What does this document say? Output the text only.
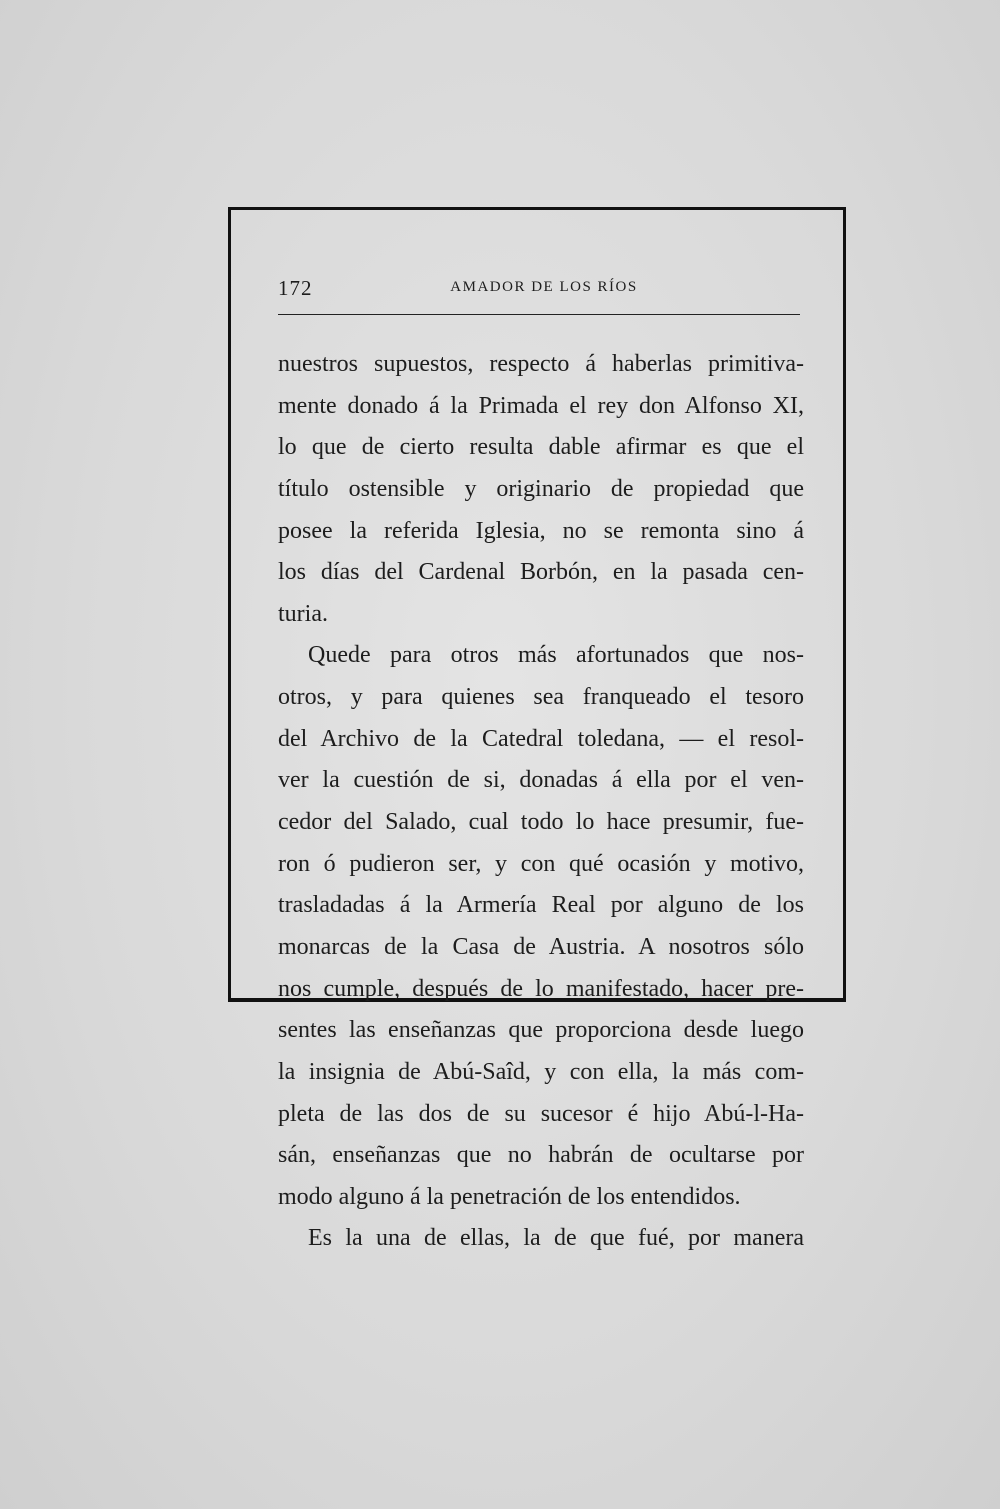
172	AMADOR DE LOS RÍOS
nuestros supuestos, respecto á haberlas primitiva-
mente donado á la Primada el rey don Alfonso XI,
lo que de cierto resulta dable afirmar es que el
título ostensible y originario de propiedad que
posee la referida Iglesia, no se remonta sino á
los días del Cardenal Borbón, en la pasada cen-
turia.
Quede para otros más afortunados que nos-
otros, y para quienes sea franqueado el tesoro
del Archivo de la Catedral toledana, — el resol-
ver la cuestión de si, donadas á ella por el ven-
cedor del Salado, cual todo lo hace presumir, fue-
ron ó pudieron ser, y con qué ocasión y motivo,
trasladadas á la Armería Real por alguno de los
monarcas de la Casa de Austria. A nosotros sólo
nos cumple, después de lo manifestado, hacer pre-
sentes las enseñanzas que proporciona desde luego
la insignia de Abú-Saîd, y con ella, la más com-
pleta de las dos de su sucesor é hijo Abú-l-Ha-
sán, enseñanzas que no habrán de ocultarse por
modo alguno á la penetración de los entendidos.
Es la una de ellas, la de que fué, por manera
